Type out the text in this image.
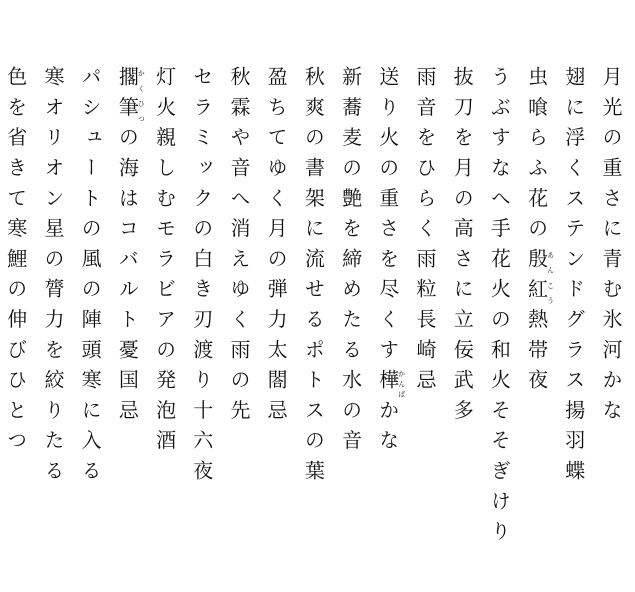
月光の重さに青む氷河かな
翅に浮くステンドグラス揚羽蝶
虫喰らふ花の殷紅あんこう熱帯夜
うぶすなへ手花火の和火そそぎけり
抜刀を月の高さに立佞武多
雨音をひらく雨粒長崎忌
送り火の重さを尽くす樺かんばかな
新蕎麦の艶を締めたる水の音
秋爽の書架に流せるポトスの葉
盈ちてゆく月の弾力太閤忌
秋霖や音へ消えゆく雨の先
セラミックの白き刃渡り十六夜
灯火親しむモラビアの発泡酒
擱筆かくひつの海はコバルト憂国忌
パシュートの風の陣頭寒に入る
寒オリオン星の膂力を絞りたる
色を省きて寒鯉の伸びひとつ
